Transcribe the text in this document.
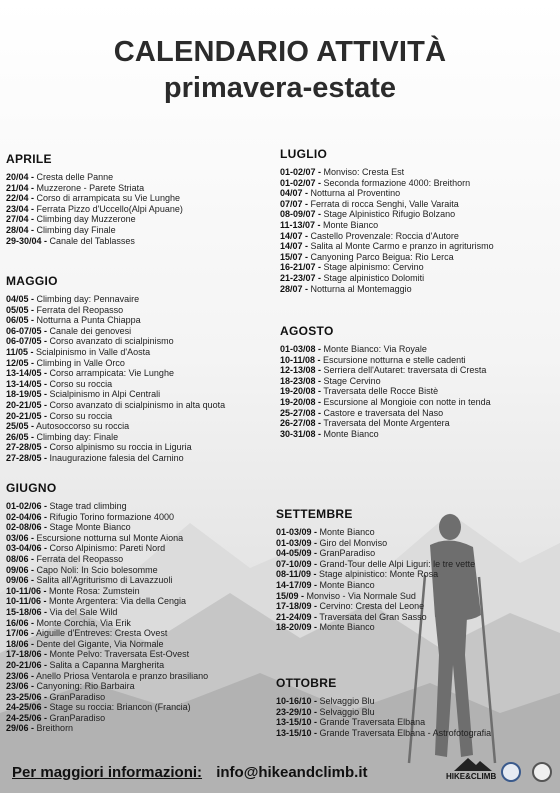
CALENDARIO ATTIVITÀ
primavera-estate
APRILE
20/04 - Cresta delle Panne
21/04 - Muzzerone - Parete Striata
22/04 - Corso di arrampicata su Vie Lunghe
23/04 - Ferrata Pizzo d'Uccello(Alpi Apuane)
27/04 - Climbing day Muzzerone
28/04 - Climbing day Finale
29-30/04 - Canale del Tablasses
MAGGIO
04/05 - Climbing day: Pennavaire
05/05 - Ferrata del Reopasso
06/05 - Notturna a Punta Chiappa
06-07/05 - Canale dei genovesi
06-07/05 - Corso avanzato di scialpinismo
11/05 - Scialpinismo in Valle d'Aosta
12/05 - Climbing in Valle Orco
13-14/05 - Corso arrampicata: Vie Lunghe
13-14/05 - Corso su roccia
18-19/05 - Scialpinismo in Alpi Centrali
20-21/05 - Corso avanzato di scialpinismo in alta quota
20-21/05 - Corso su roccia
25/05 - Autosoccorso su roccia
26/05 - Climbing day: Finale
27-28/05 - Corso alpinismo su roccia in Liguria
27-28/05 - Inaugurazione falesia del Carnino
GIUGNO
01-02/06 - Stage trad climbing
02-04/06 - Rifugio Torino formazione 4000
02-08/06 - Stage Monte Bianco
03/06 - Escursione notturna sul Monte Aiona
03-04/06 - Corso Alpinismo: Pareti Nord
08/06 - Ferrata del Reopasso
09/06 - Capo Noli: In Scio bolesomme
09/06 - Salita all'Agriturismo di Lavazzuoli
10-11/06 - Monte Rosa: Zumstein
10-11/06 - Monte Argentera: Via della Cengia
15-18/06 - Via del Sale Wild
16/06 - Monte Corchia, Via Erik
17/06 - Aiguille d'Entreves: Cresta Ovest
18/06 - Dente del Gigante, Via Normale
17-18/06 - Monte Pelvo: Traversata Est-Ovest
20-21/06 - Salita a Capanna Margherita
23/06 - Anello Priosa Ventarola e pranzo brasiliano
23/06 - Canyoning: Rio Barbaira
23-25/06 - GranParadiso
24-25/06 - Stage su roccia: Briancon (Francia)
24-25/06 - GranParadiso
29/06 - Breithorn
LUGLIO
01-02/07 - Monviso: Cresta Est
01-02/07 - Seconda formazione 4000: Breithorn
04/07 - Notturna al Proventino
07/07 - Ferrata di rocca Senghi, Valle Varaita
08-09/07 - Stage Alpinistico Rifugio Bolzano
11-13/07 - Monte Bianco
14/07 - Castello Provenzale: Roccia d'Autore
14/07 - Salita al Monte Carmo e pranzo in agriturismo
15/07 - Canyoning Parco Beigua: Rio Lerca
16-21/07 - Stage alpinismo: Cervino
21-23/07 - Stage alpinistico Dolomiti
28/07 - Notturna al Montemaggio
AGOSTO
01-03/08 - Monte Bianco: Via Royale
10-11/08 - Escursione notturna e stelle cadenti
12-13/08 - Serriera dell'Autaret: traversata di Cresta
18-23/08 - Stage Cervino
19-20/08 - Traversata delle Rocce Bistè
19-20/08 - Escursione al Mongioie con notte in tenda
25-27/08 - Castore e traversata del Naso
26-27/08 - Traversata del Monte Argentera
30-31/08 - Monte Bianco
SETTEMBRE
01-03/09 - Monte Bianco
01-03/09 - Giro del Monviso
04-05/09 - GranParadiso
07-10/09 - Grand-Tour delle Alpi Liguri: le tre vette
08-11/09 - Stage alpinistico: Monte Rosa
14-17/09 - Monte Bianco
15/09 - Monviso - Via Normale Sud
17-18/09 - Cervino: Cresta del Leone
21-24/09 - Traversata del Gran Sasso
18-20/09 - Monte Bianco
OTTOBRE
10-16/10 - Selvaggio Blu
23-29/10 - Selvaggio Blu
13-15/10 - Grande Traversata Elbana
13-15/10 - Grande Traversata Elbana - Astrofotografia
Per maggiori informazioni: info@hikeandclimb.it	HIKE&CLIMB
